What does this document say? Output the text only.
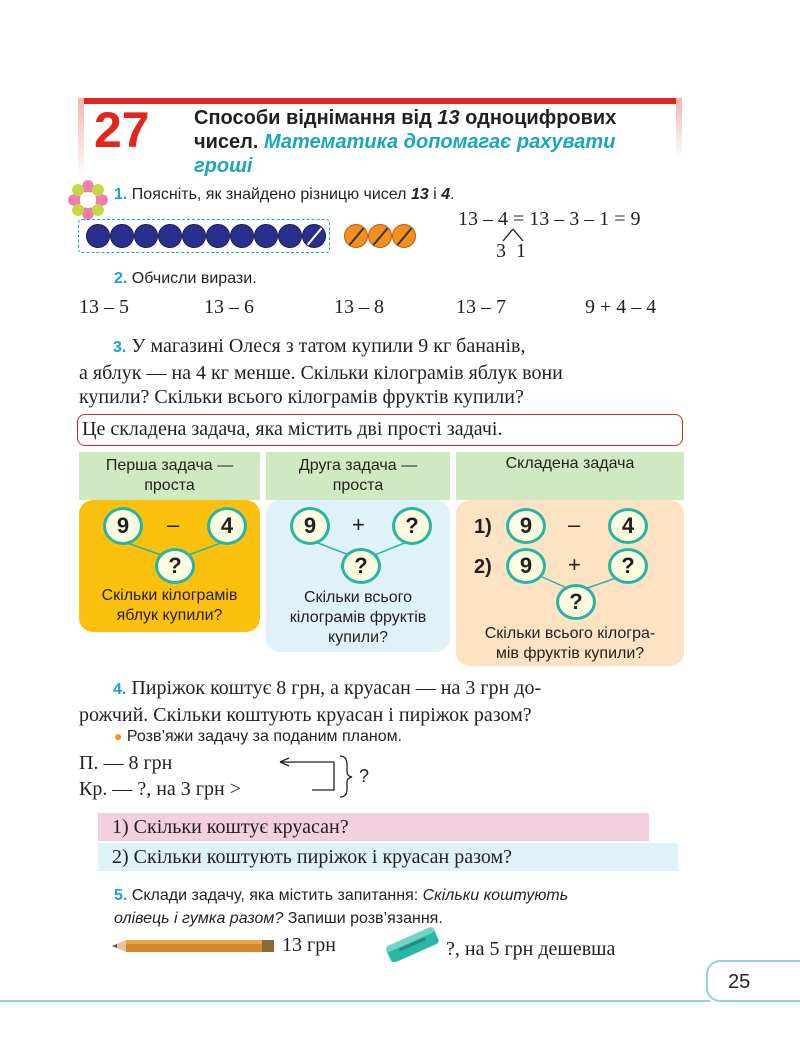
27 Способи віднімання від 13 одноцифрових
чисел. Математика допомагає рахувати
гроші
1. Поясніть, як знайдено різницю чисел 13 і 4.
13 – 4 = 13 – 3 – 1 = 9
3  1
2. Обчисли вирази.
13 – 5	13 – 6	13 – 8	13 – 7	9 + 4 – 4
3. У магазині Олеся з татом купили 9 кг бананів,
а яблук — на 4 кг менше. Скільки кілограмів яблук вони
купили? Скільки всього кілограмів фруктів купили?
Це складена задача, яка містить дві прості задачі.
Перша задача —
проста
Друга задача —
проста
Складена задача
9	–	4
?
Скільки кілограмів
яблук купили?
9	+	?
?
Скільки всього
кілограмів фруктів
купили?
1)	9	–	4
2)	9	+	?
?
Скільки всього кілогра-
мів фруктів купили?
4. Пиріжок коштує 8 грн, а круасан — на 3 грн до-
рожчий. Скільки коштують круасан і пиріжок разом?
● Розв’яжи задачу за поданим планом.
П. — 8 грн
Кр. — ?, на 3 грн >
?
1) Скільки коштує круасан?
2) Скільки коштують пиріжок і круасан разом?
5. Склади задачу, яка містить запитання: Скільки коштують
олівець і гумка разом? Запиши розв’язання.
13 грн	?, на 5 грн дешевша
25
